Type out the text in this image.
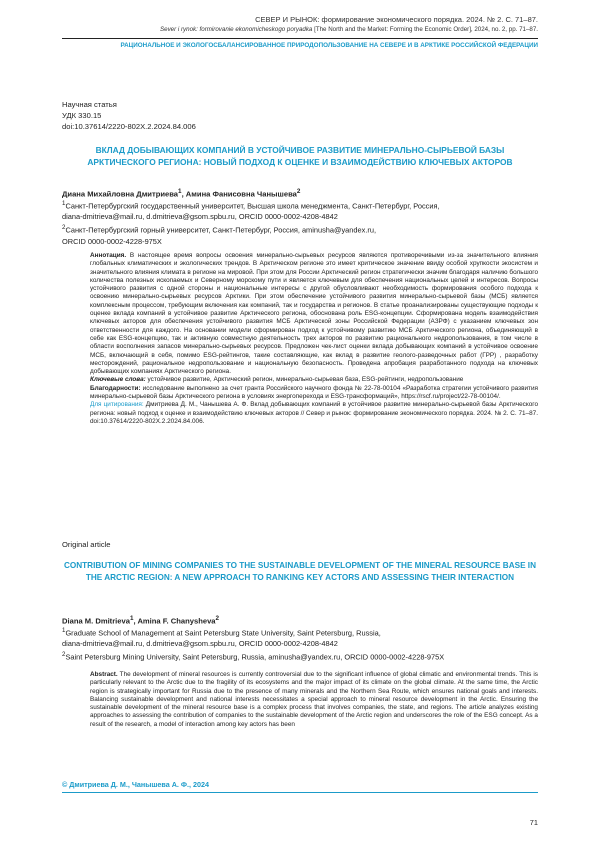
СЕВЕР И РЫНОК: формирование экономического порядка. 2024. № 2. С. 71–87.
Sever i rynok: formirovanie ekonomicheskogo poryadka [The North and the Market: Forming the Economic Order], 2024, no. 2, pp. 71–87.
РАЦИОНАЛЬНОЕ И ЭКОЛОГОСБАЛАНСИРОВАННОЕ ПРИРОДОПОЛЬЗОВАНИЕ НА СЕВЕРЕ И В АРКТИКЕ РОССИЙСКОЙ ФЕДЕРАЦИИ
Научная статья
УДК 330.15
doi:10.37614/2220-802X.2.2024.84.006
ВКЛАД ДОБЫВАЮЩИХ КОМПАНИЙ В УСТОЙЧИВОЕ РАЗВИТИЕ МИНЕРАЛЬНО-СЫРЬЕВОЙ БАЗЫ АРКТИЧЕСКОГО РЕГИОНА: НОВЫЙ ПОДХОД К ОЦЕНКЕ И ВЗАИМОДЕЙСТВИЮ КЛЮЧЕВЫХ АКТОРОВ
Диана Михайловна Дмитриева$^1$, Амина Фанисовна Чанышева$^2$
$^1$Санкт-Петербургский государственный университет, Высшая школа менеджмента, Санкт-Петербург, Россия,
diana-dmitrieva@mail.ru, d.dmitrieva@gsom.spbu.ru, ORCID 0000-0002-4208-4842
$^2$Санкт-Петербургский горный университет, Санкт-Петербург, Россия, aminusha@yandex.ru,
ORCID 0000-0002-4228-975X

Аннотация. В настоящее время вопросы освоения минерально-сырьевых ресурсов являются противоречивыми из-за значительного влияния глобальных климатических и экологических трендов. В Арктическом регионе это имеет критическое значение ввиду особой хрупкости экосистем и значительного влияния климата в регионе на мировой. При этом для России Арктический регион стратегически значим благодаря наличию большого количества полезных ископаемых и Северному морскому пути и является ключевым для обеспечения национальных целей и интересов. Вопросы устойчивого развития с одной стороны и национальные интересы с другой обусловливают необходимость формирования особого подхода к освоению минерально-сырьевых ресурсов Арктики. При этом обеспечение устойчивого развития минерально-сырьевой базы (МСБ) является комплексным процессом, требующим включения как компаний, так и государства и регионов. В статье проанализированы существующие подходы к оценке вклада компаний в устойчивое развитие Арктического региона, обоснована роль ESG-концепции. Сформирована модель взаимодействия ключевых акторов для обеспечения устойчивого развития МСБ Арктической зоны Российской Федерации (АЗРФ) с указанием ключевых зон ответственности для каждого. На основании модели сформирован подход к устойчивому развитию МСБ Арктического региона, объединяющий в себе как ESG-концепцию, так и активную совместную деятельность трех акторов по развитию рационального недропользования, в том числе в области восполнения запасов минерально-сырьевых ресурсов. Предложен чек-лист оценки вклада добывающих компаний в устойчивое освоение МСБ, включающий в себя, помимо ESG-рейтингов, такие составляющие, как вклад в развитие геолого-разведочных работ (ГРР) , разработку месторождений, рациональное недропользование и национальную безопасность. Проведена апробация разработанного подхода на ключевых добывающих компаниях Арктического региона.

Ключевые слова: устойчивое развитие, Арктический регион, минерально-сырьевая база, ESG-рейтинги, недропользование

Благодарности: исследование выполнено за счет гранта Российского научного фонда № 22-78-00104 «Разработка стратегии устойчивого развития минерально-сырьевой базы Арктического региона в условиях энергоперехода и ESG-трансформаций», https://rscf.ru/project/22-78-00104/.

Для цитирования: Дмитриева Д. М., Чанышева А. Ф. Вклад добывающих компаний в устойчивое развитие минерально-сырьевой базы Арктического региона: новый подход к оценке и взаимодействию ключевых акторов // Север и рынок: формирование экономического порядка. 2024. № 2. С. 71–87. doi:10.37614/2220-802X.2.2024.84.006.

Original article
CONTRIBUTION OF MINING COMPANIES TO THE SUSTAINABLE DEVELOPMENT OF THE MINERAL RESOURCE BASE IN THE ARCTIC REGION: A NEW APPROACH TO RANKING KEY ACTORS AND ASSESSING THEIR INTERACTION
Diana M. Dmitrieva$^1$, Amina F. Chanysheva$^2$
$^1$Graduate School of Management at Saint Petersburg State University, Saint Petersburg, Russia,
diana-dmitrieva@mail.ru, d.dmitrieva@gsom.spbu.ru, ORCID 0000-0002-4208-4842
$^2$Saint Petersburg Mining University, Saint Petersburg, Russia, aminusha@yandex.ru, ORCID 0000-0002-4228-975X
Abstract. The development of mineral resources is currently controversial due to the significant influence of global climatic and environmental trends. This is particularly relevant to the Arctic due to the fragility of its ecosystems and the major impact of its climate on the global climate. At the same time, the Arctic region is strategically important for Russia due to the presence of many minerals and the Northern Sea Route, which ensures national goals and interests. Balancing sustainable development and national interests necessitates a special approach to mineral resource development in the Arctic. Ensuring the sustainable development of the mineral resource base is a complex process that involves companies, the state, and regions. The article analyzes existing approaches to assessing the contribution of companies to the sustainable development of the Arctic region and underscores the role of the ESG concept. As a result of the research, a model of interaction among key actors has been
© Дмитриева Д. М., Чанышева А. Ф., 2024
71
